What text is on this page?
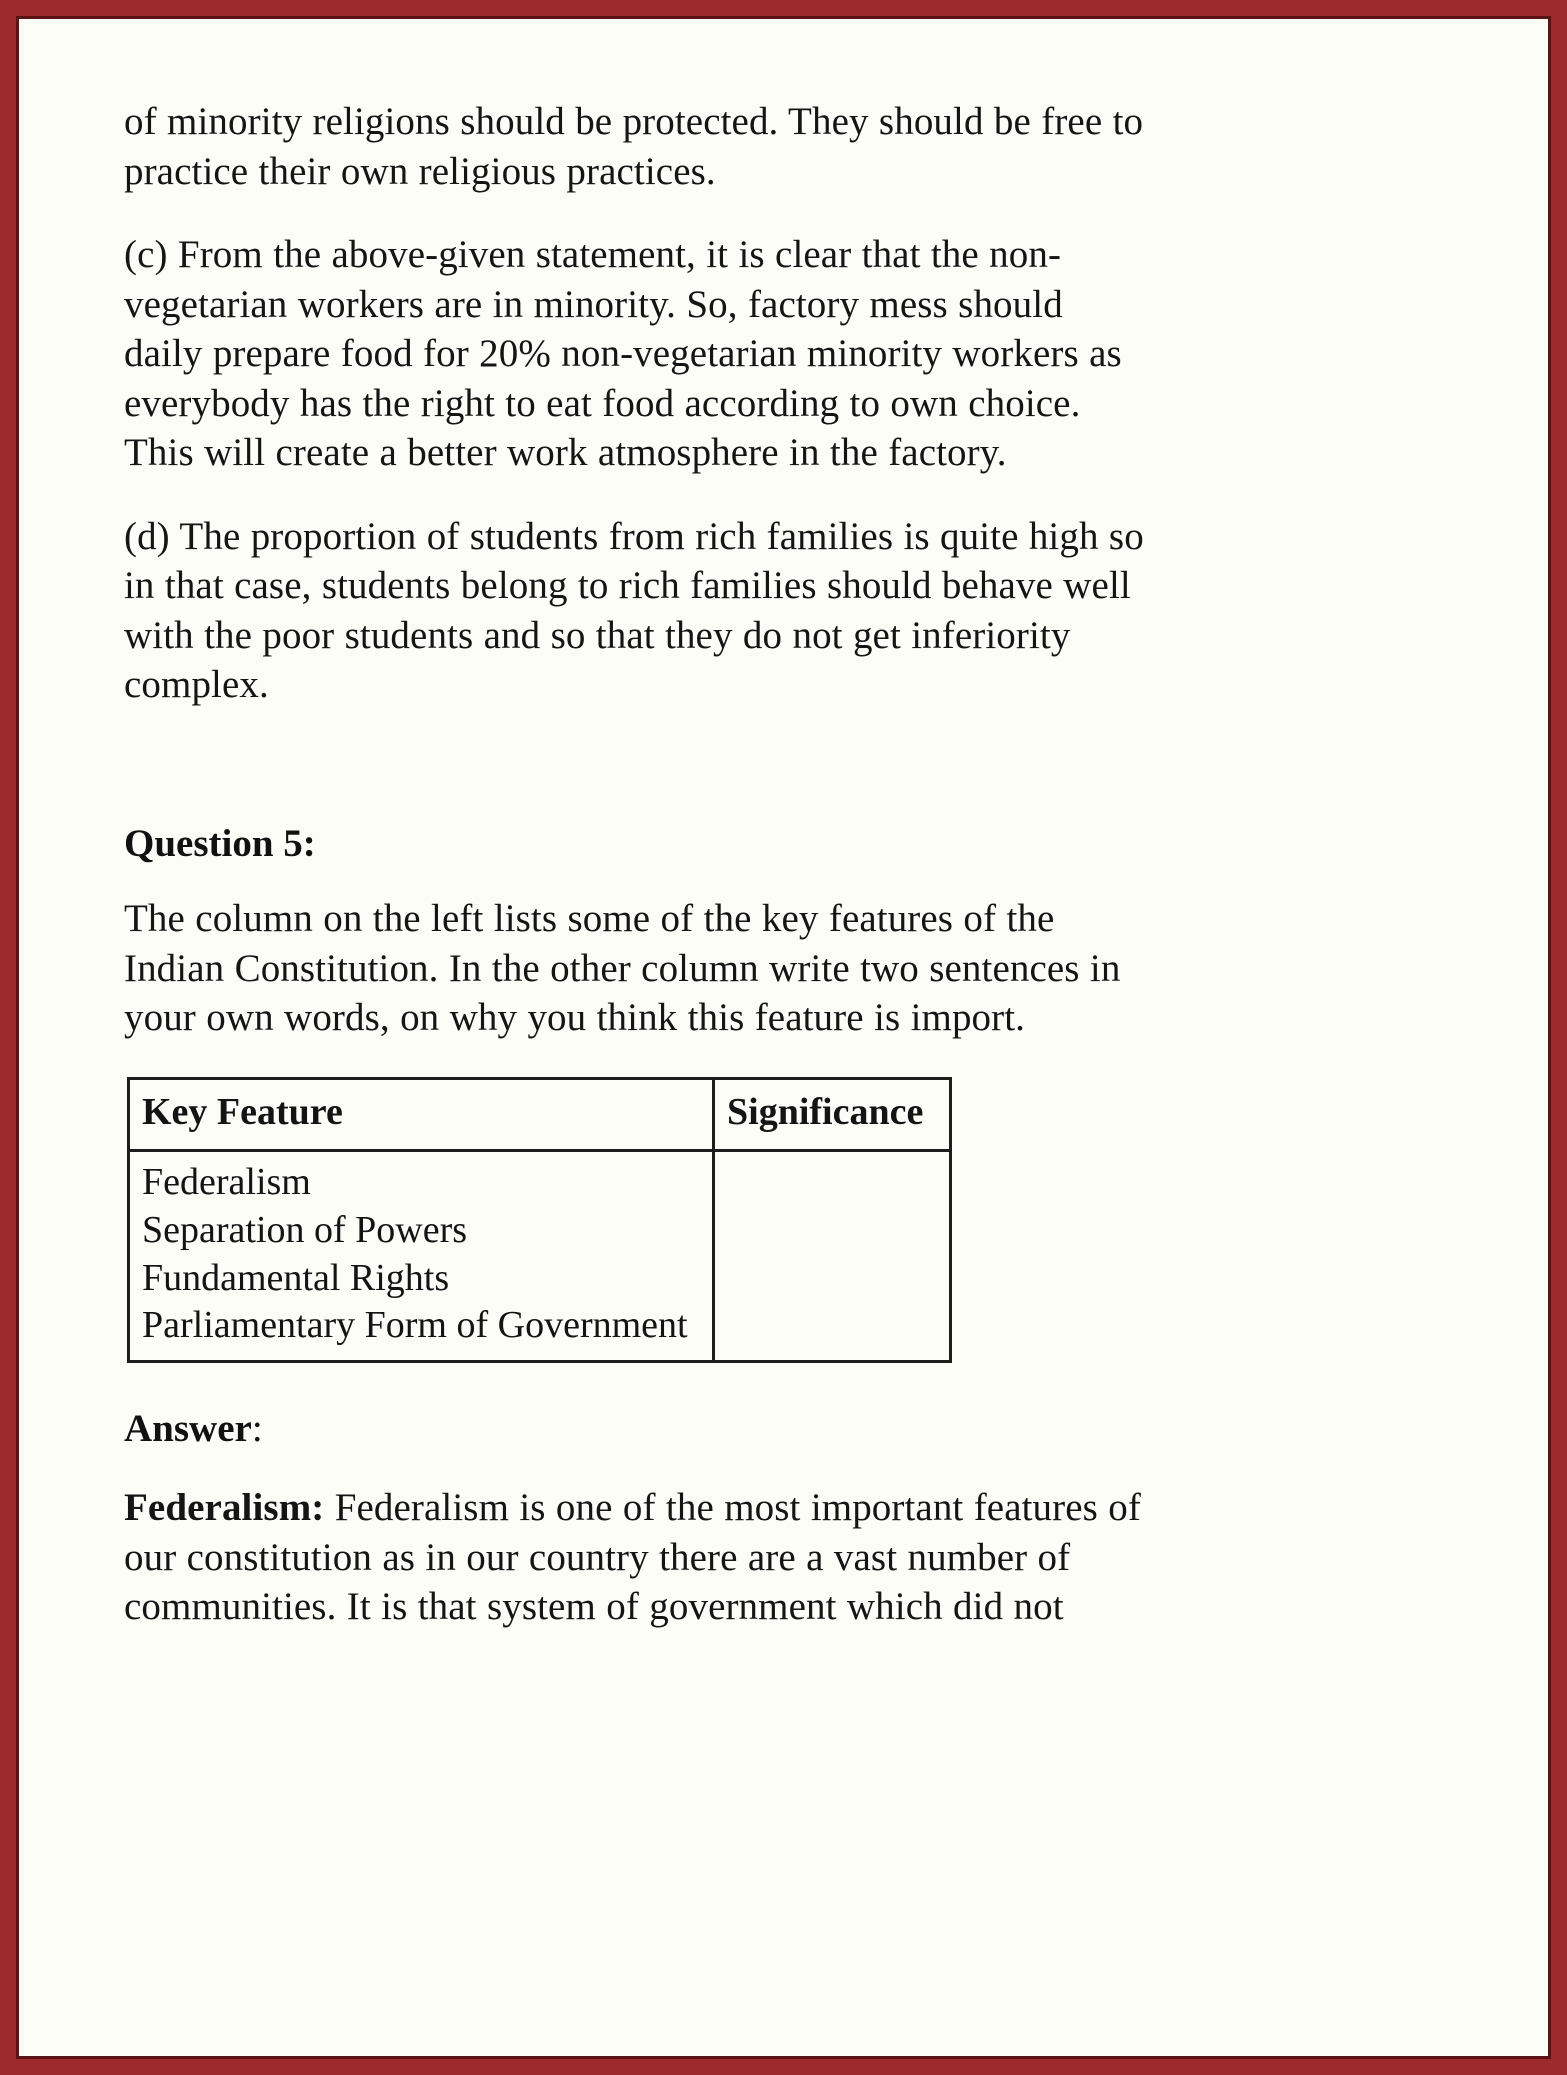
of minority religions should be protected. They should be free to practice their own religious practices.

(c) From the above-given statement, it is clear that the non-vegetarian workers are in minority. So, factory mess should daily prepare food for 20% non-vegetarian minority workers as everybody has the right to eat food according to own choice. This will create a better work atmosphere in the factory.

(d) The proportion of students from rich families is quite high so in that case, students belong to rich families should behave well with the poor students and so that they do not get inferiority complex.

Question 5:

The column on the left lists some of the key features of the Indian Constitution. In the other column write two sentences in your own words, on why you think this feature is import.

Key Feature	Significance

Federalism
Separation of Powers
Fundamental Rights
Parliamentary Form of Government

Answer:

Federalism: Federalism is one of the most important features of our constitution as in our country there are a vast number of communities. It is that system of government which did not
